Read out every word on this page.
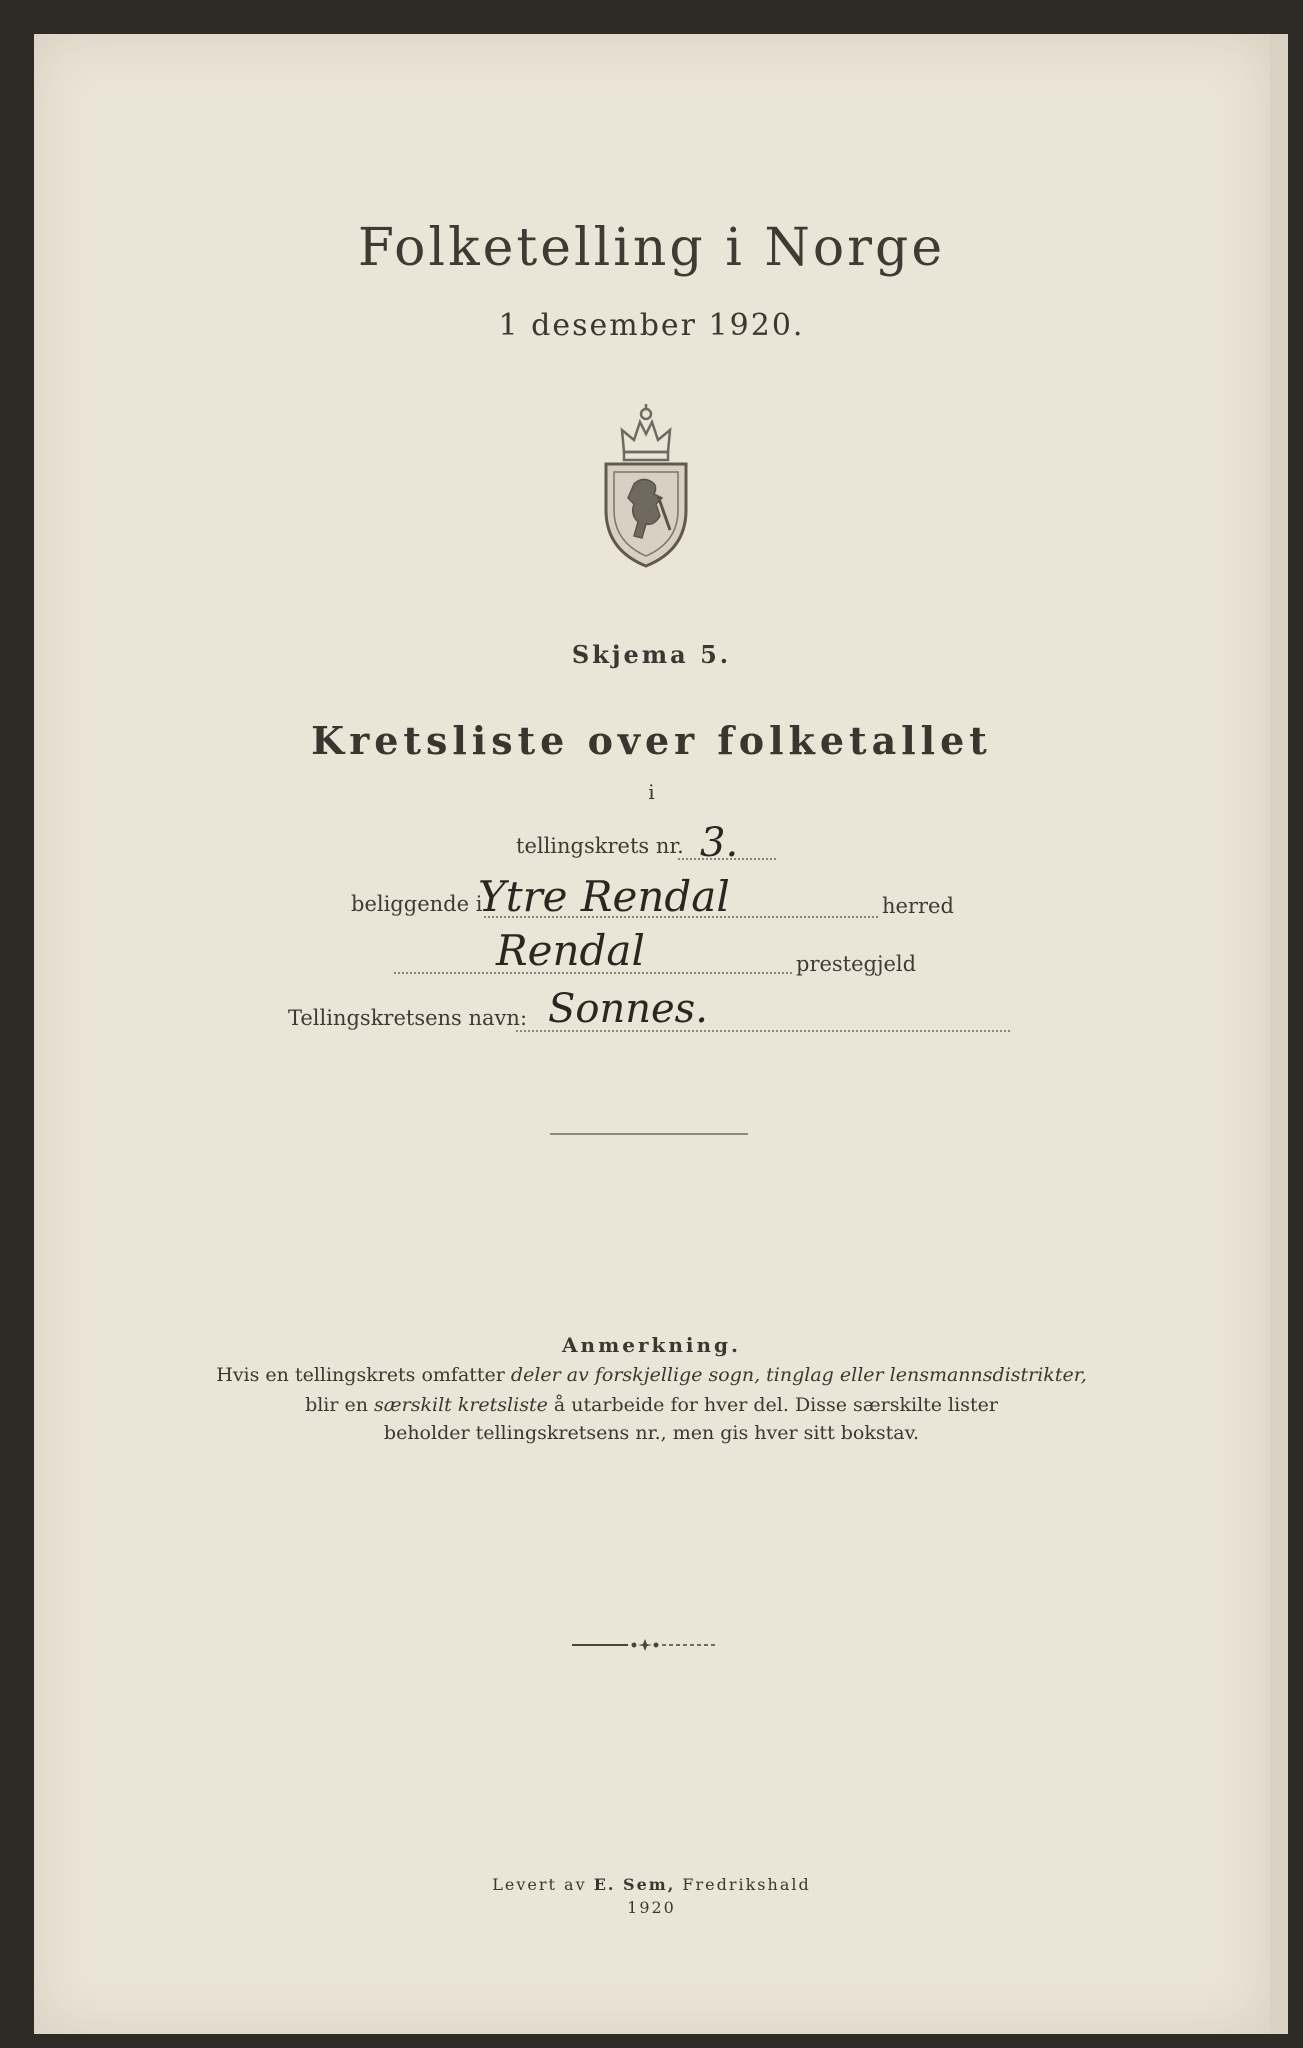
Folketelling i Norge
1 desember 1920.
Skjema 5.
Kretsliste over folketallet
i
tellingskrets nr. 3.
beliggende i
Ytre Rendal	herred
Rendal	prestegjeld
Tellingskretsens navn: Sonnes.
Anmerkning.
Hvis en tellingskrets omfatter deler av forskjellige sogn, tinglag eller lensmannsdistrikter,
blir en særskilt kretsliste å utarbeide for hver del. Disse særskilte lister
beholder tellingskretsens nr., men gis hver sitt bokstav.
Levert av E. Sem, Fredrikshald
1920
